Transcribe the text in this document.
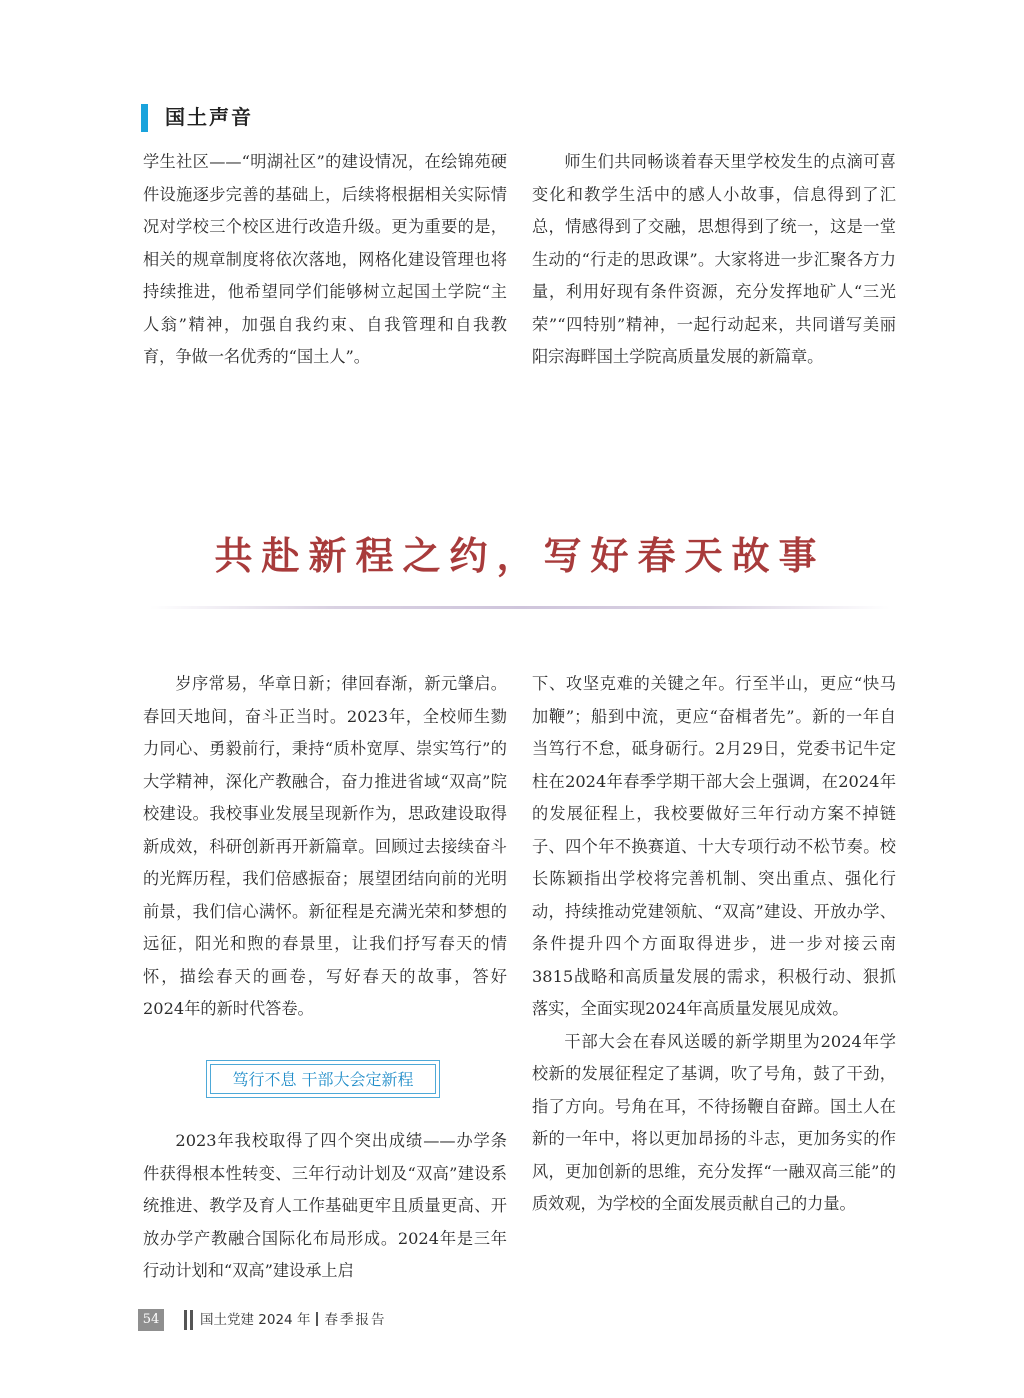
国土声音

学生社区——“明湖社区”的建设情况，在绘锦苑硬件设施逐步完善的基础上，后续将根据相关实际情况对学校三个校区进行改造升级。更为重要的是，相关的规章制度将依次落地，网格化建设管理也将持续推进，他希望同学们能够树立起国土学院“主人翁”精神，加强自我约束、自我管理和自我教育，争做一名优秀的“国土人”。

师生们共同畅谈着春天里学校发生的点滴可喜变化和教学生活中的感人小故事，信息得到了汇总，情感得到了交融，思想得到了统一，这是一堂生动的“行走的思政课”。大家将进一步汇聚各方力量，利用好现有条件资源，充分发挥地矿人“三光荣”“四特别”精神，一起行动起来，共同谱写美丽阳宗海畔国土学院高质量发展的新篇章。

共赴新程之约，写好春天故事

岁序常易，华章日新；律回春渐，新元肇启。春回天地间，奋斗正当时。2023年，全校师生勠力同心、勇毅前行，秉持“质朴宽厚、崇实笃行”的大学精神，深化产教融合，奋力推进省域“双高”院校建设。我校事业发展呈现新作为，思政建设取得新成效，科研创新再开新篇章。回顾过去接续奋斗的光辉历程，我们倍感振奋；展望团结向前的光明前景，我们信心满怀。新征程是充满光荣和梦想的远征，阳光和煦的春景里，让我们抒写春天的情怀，描绘春天的画卷，写好春天的故事，答好2024年的新时代答卷。

笃行不息 干部大会定新程

2023年我校取得了四个突出成绩——办学条件获得根本性转变、三年行动计划及“双高”建设系统推进、教学及育人工作基础更牢且质量更高、开放办学产教融合国际化布局形成。2024年是三年行动计划和“双高”建设承上启

下、攻坚克难的关键之年。行至半山，更应“快马加鞭”；船到中流，更应“奋楫者先”。新的一年自当笃行不怠，砥身砺行。2月29日，党委书记牛定柱在2024年春季学期干部大会上强调，在2024年的发展征程上，我校要做好三年行动方案不掉链子、四个年不换赛道、十大专项行动不松节奏。校长陈颖指出学校将完善机制、突出重点、强化行动，持续推动党建领航、“双高”建设、开放办学、条件提升四个方面取得进步，进一步对接云南3815战略和高质量发展的需求，积极行动、狠抓落实，全面实现2024年高质量发展见成效。

干部大会在春风送暖的新学期里为2024年学校新的发展征程定了基调，吹了号角，鼓了干劲，指了方向。号角在耳，不待扬鞭自奋蹄。国土人在新的一年中，将以更加昂扬的斗志，更加务实的作风，更加创新的思维，充分发挥“一融双高三能”的质效观，为学校的全面发展贡献自己的力量。

54	国土党建 2024 年 春季报告
